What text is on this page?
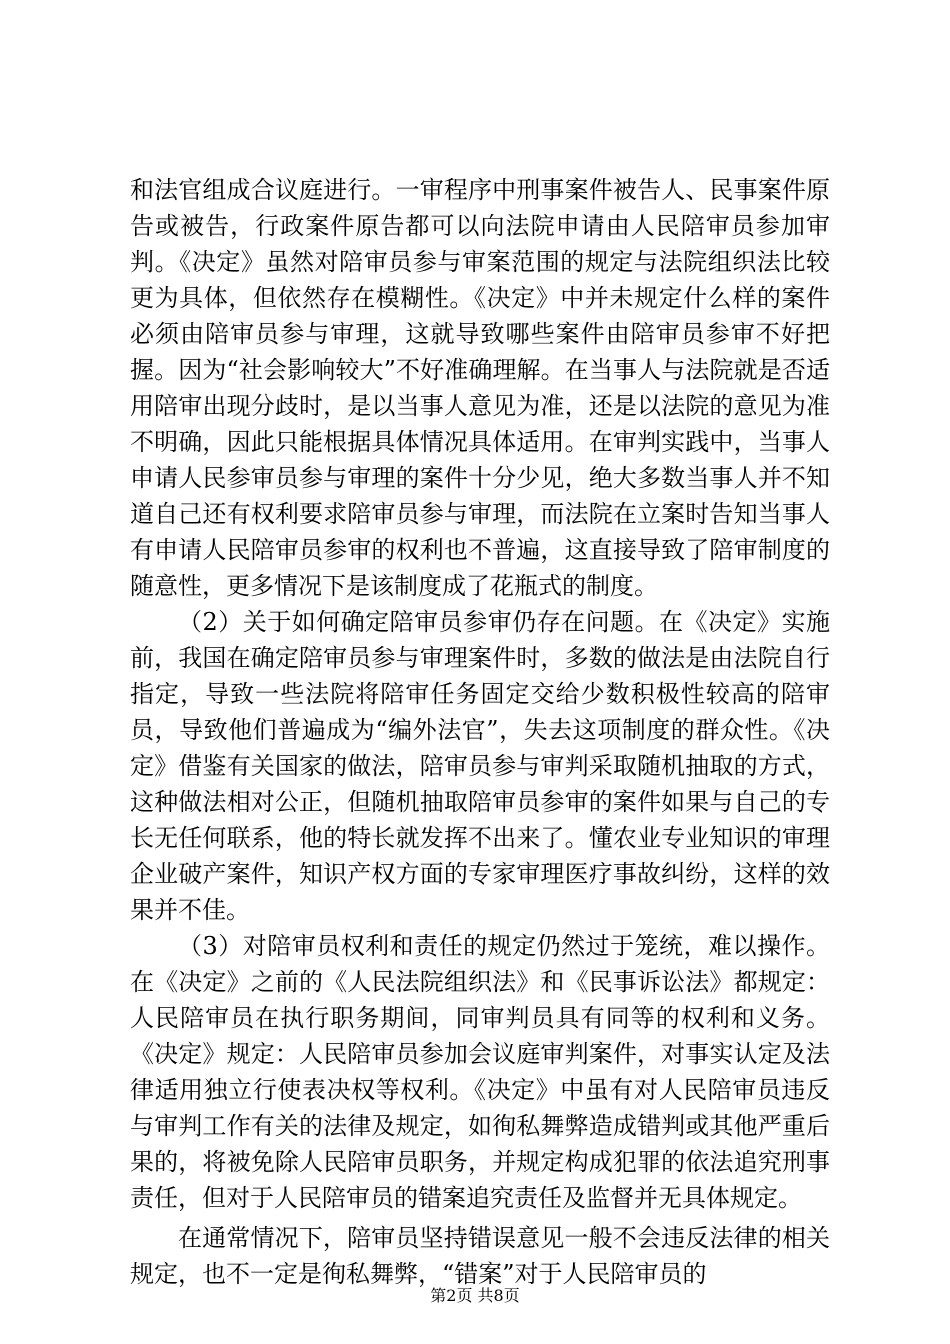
和法官组成合议庭进行。一审程序中刑事案件被告人、民事案件原告或被告，行政案件原告都可以向法院申请由人民陪审员参加审判。《决定》虽然对陪审员参与审案范围的规定与法院组织法比较更为具体，但依然存在模糊性。《决定》中并未规定什么样的案件必须由陪审员参与审理，这就导致哪些案件由陪审员参审不好把握。因为“社会影响较大”不好准确理解。在当事人与法院就是否适用陪审出现分歧时，是以当事人意见为准，还是以法院的意见为准不明确，因此只能根据具体情况具体适用。在审判实践中，当事人申请人民参审员参与审理的案件十分少见，绝大多数当事人并不知道自己还有权利要求陪审员参与审理，而法院在立案时告知当事人有申请人民陪审员参审的权利也不普遍，这直接导致了陪审制度的随意性，更多情况下是该制度成了花瓶式的制度。

（2）关于如何确定陪审员参审仍存在问题。在《决定》实施前，我国在确定陪审员参与审理案件时，多数的做法是由法院自行指定，导致一些法院将陪审任务固定交给少数积极性较高的陪审员，导致他们普遍成为“编外法官”，失去这项制度的群众性。《决定》借鉴有关国家的做法，陪审员参与审判采取随机抽取的方式，这种做法相对公正，但随机抽取陪审员参审的案件如果与自己的专长无任何联系，他的特长就发挥不出来了。懂农业专业知识的审理企业破产案件，知识产权方面的专家审理医疗事故纠纷，这样的效果并不佳。

（3）对陪审员权利和责任的规定仍然过于笼统，难以操作。在《决定》之前的《人民法院组织法》和《民事诉讼法》都规定：人民陪审员在执行职务期间，同审判员具有同等的权利和义务。《决定》规定：人民陪审员参加会议庭审判案件，对事实认定及法律适用独立行使表决权等权利。《决定》中虽有对人民陪审员违反与审判工作有关的法律及规定，如徇私舞弊造成错判或其他严重后果的，将被免除人民陪审员职务，并规定构成犯罪的依法追究刑事责任，但对于人民陪审员的错案追究责任及监督并无具体规定。

在通常情况下，陪审员坚持错误意见一般不会违反法律的相关规定，也不一定是徇私舞弊，“错案”对于人民陪审员的

第2页 共8页
